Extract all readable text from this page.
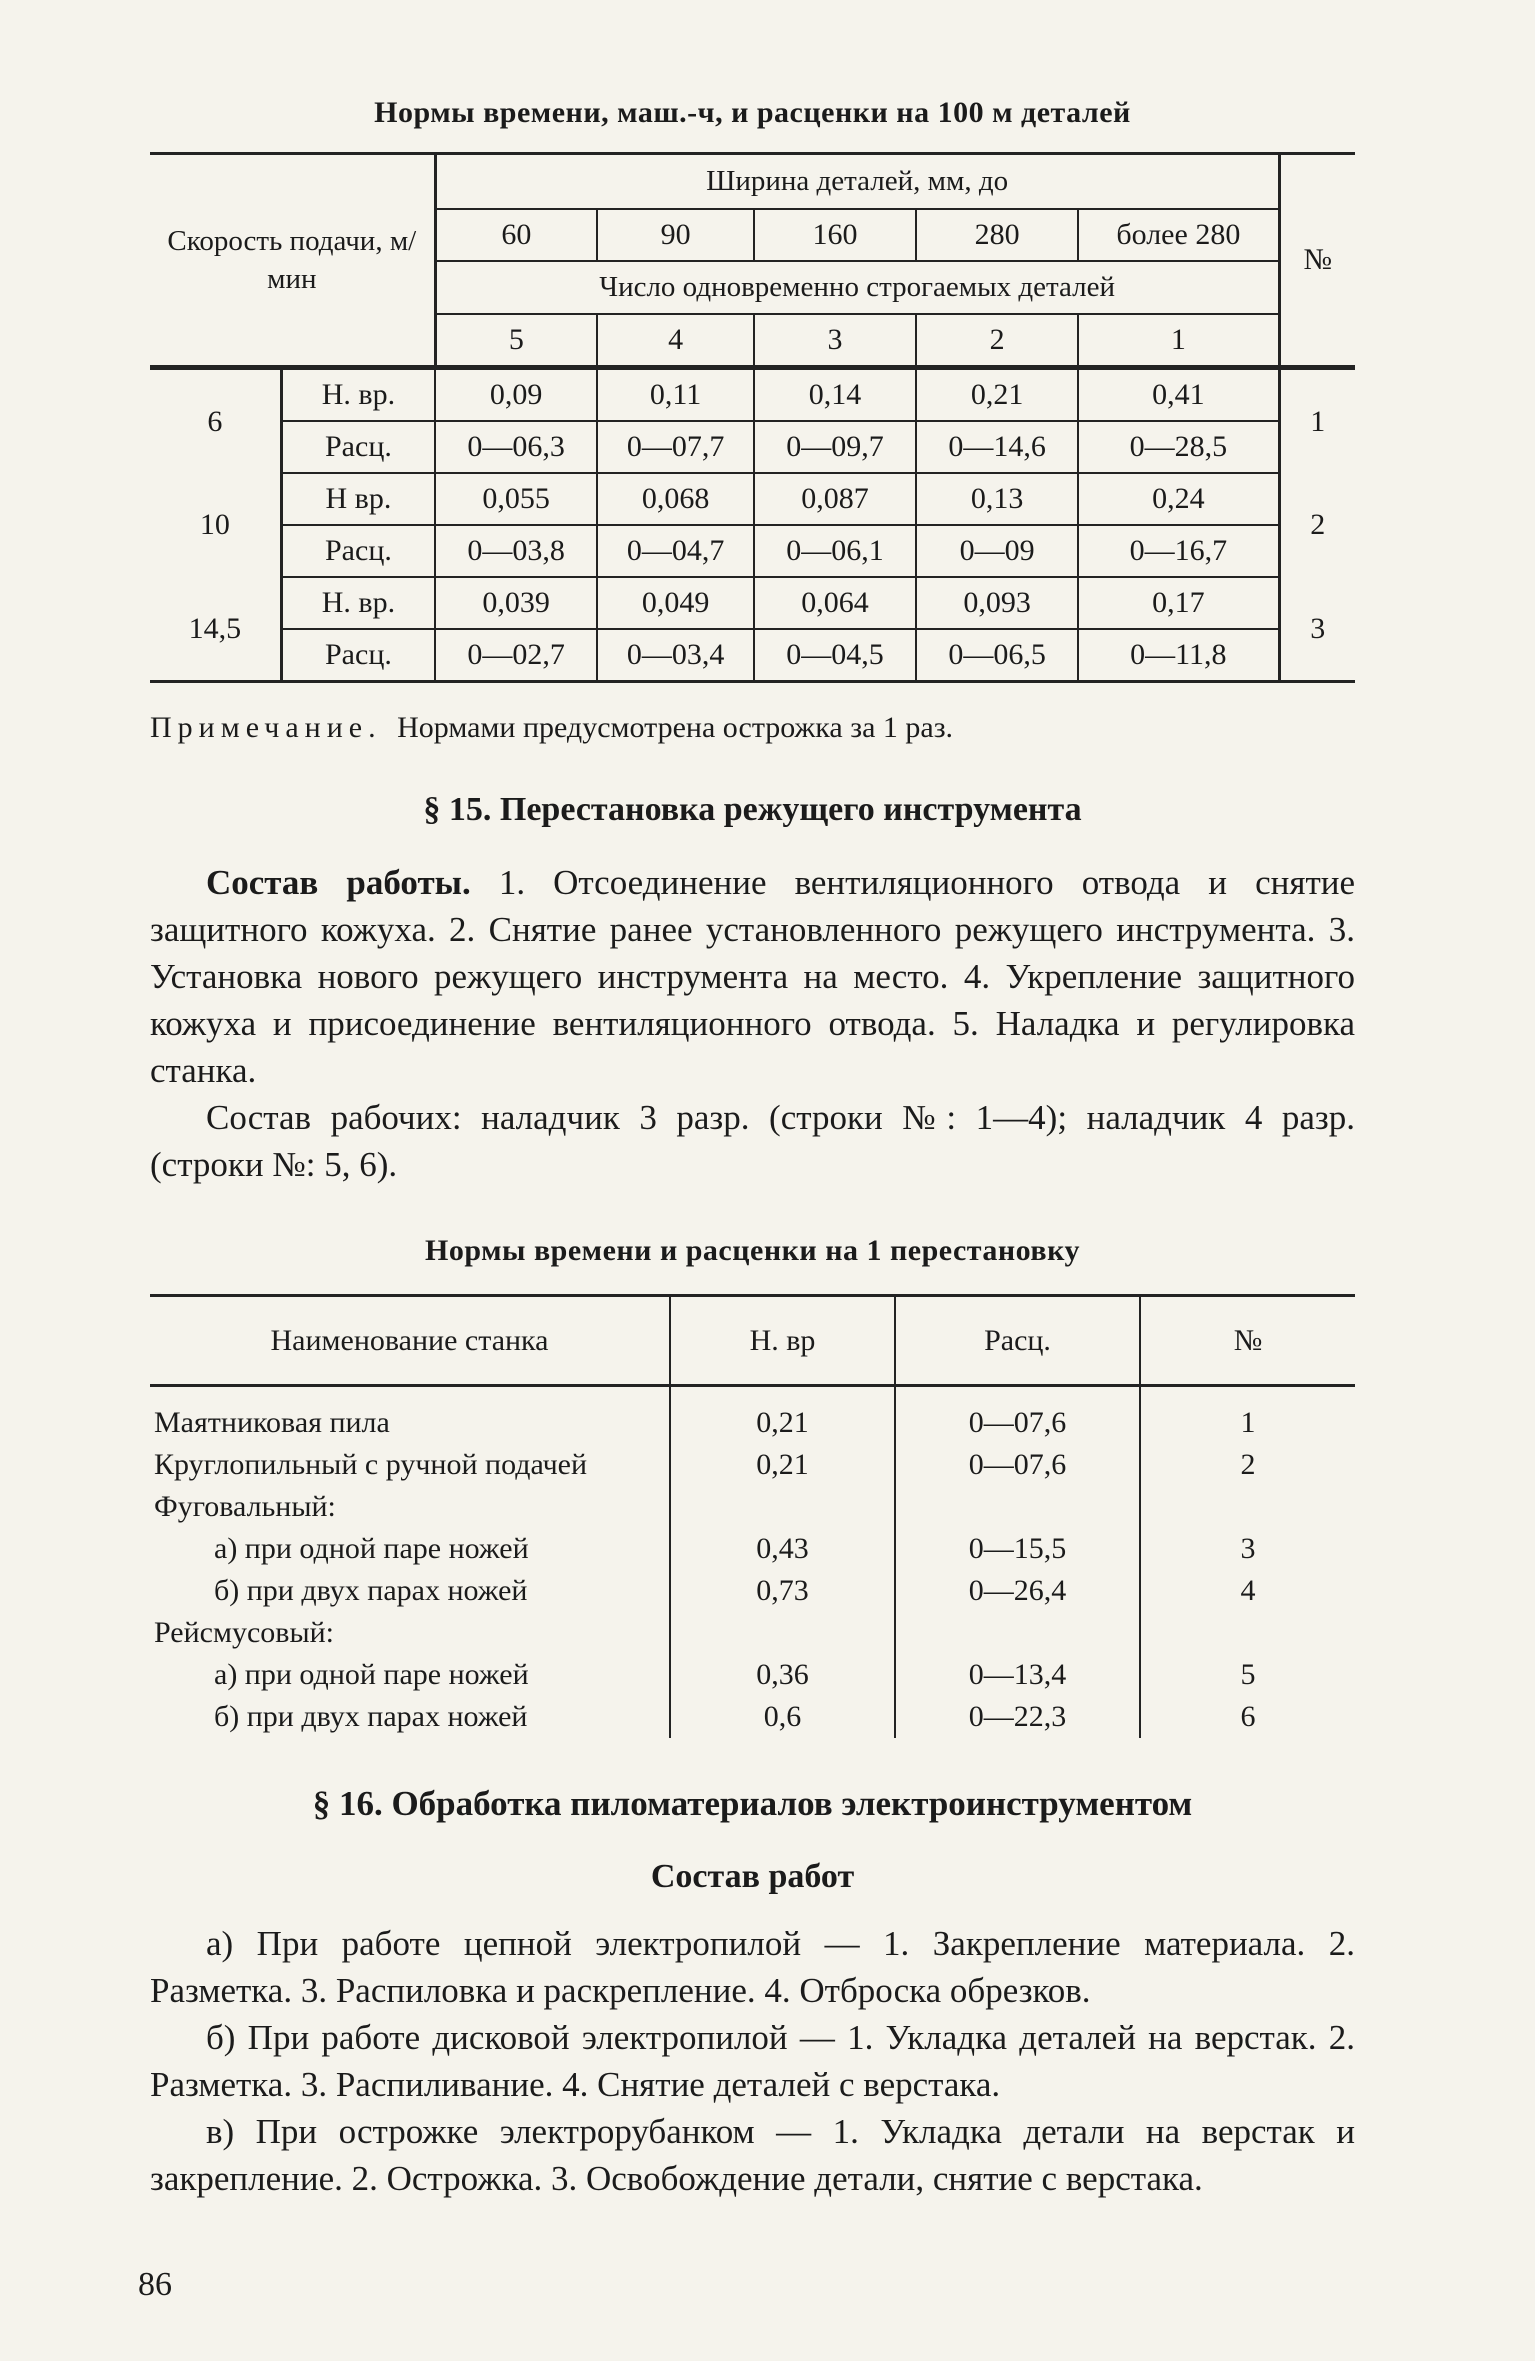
Нормы времени, маш.-ч, и расценки на 100 м деталей
Скорость подачи, м/мин		Ширина деталей, мм, до					№
		60	90	160	280	более 280	
		Число одновременно строгаемых деталей					
		5	4	3	2	1	
6	Н. вр.	0,09	0,11	0,14	0,21	0,41	1
	Расц.	0—06,3	0—07,7	0—09,7	0—14,6	0—28,5	
10	Н вр.	0,055	0,068	0,087	0,13	0,24	2
	Расц.	0—03,8	0—04,7	0—06,1	0—09	0—16,7	
14,5	Н. вр.	0,039	0,049	0,064	0,093	0,17	3
	Расц.	0—02,7	0—03,4	0—04,5	0—06,5	0—11,8	

Примечание. Нормами предусмотрена острожка за 1 раз.

§ 15. Перестановка режущего инструмента

Состав работы. 1. Отсоединение вентиляционного отвода и снятие защитного кожуха. 2. Снятие ранее установленного режущего инструмента. 3. Установка нового режущего инструмента на место. 4. Укрепление защитного кожуха и присоединение вентиляционного отвода. 5. Наладка и регулировка станка.

Состав рабочих: наладчик 3 разр. (строки №: 1—4); наладчик 4 разр. (строки №: 5, 6).

Нормы времени и расценки на 1 перестановку
Наименование станка	Н. вр	Расц.	№
Маятниковая пила	0,21	0—07,6	1
Круглопильный с ручной подачей	0,21	0—07,6	2
Фуговальный:			
а) при одной паре ножей	0,43	0—15,5	3
б) при двух парах ножей	0,73	0—26,4	4
Рейсмусовый:			
а) при одной паре ножей	0,36	0—13,4	5
б) при двух парах ножей	0,6	0—22,3	6
§ 16. Обработка пиломатериалов электроинструментом
Состав работ

а) При работе цепной электропилой — 1. Закрепление материала. 2. Разметка. 3. Распиловка и раскрепление. 4. Отброска обрезков.

б) При работе дисковой электропилой — 1. Укладка деталей на верстак. 2. Разметка. 3. Распиливание. 4. Снятие деталей с верстака.

в) При острожке электрорубанком — 1. Укладка детали на верстак и закрепление. 2. Острожка. 3. Освобождение детали, снятие с верстака.

86
